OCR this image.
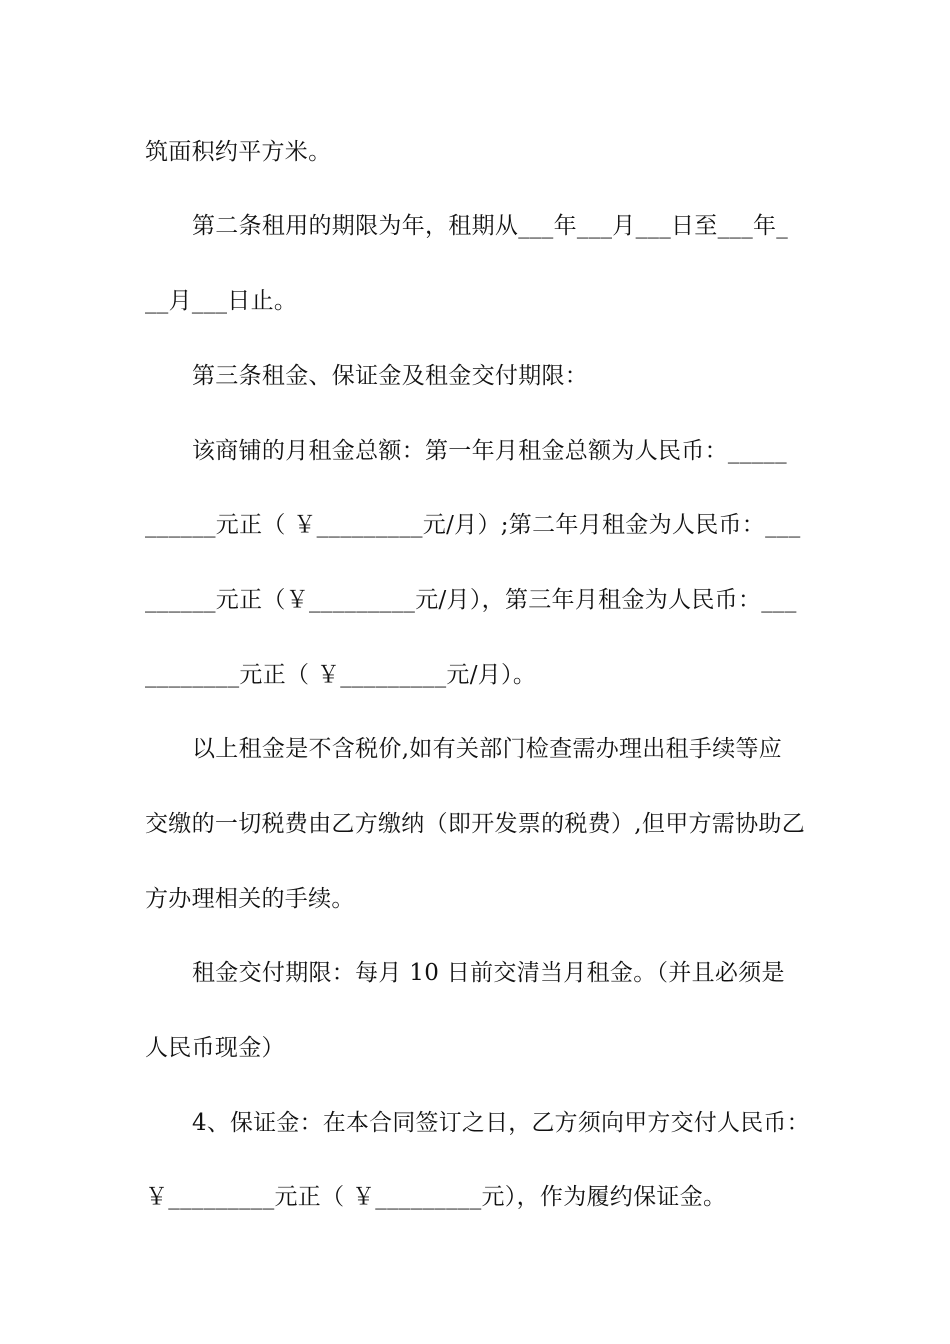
筑面积约平方米。

第二条租用的期限为年，租期从___年___月___日至___年_

__月___日止。

第三条租金、保证金及租金交付期限：

该商铺的月租金总额：第一年月租金总额为人民币：_____

______元正（ ￥_________元/月）;第二年月租金为人民币：___

______元正（￥_________元/月），第三年月租金为人民币：___

________元正（ ￥_________元/月）。

以上租金是不含税价,如有关部门检查需办理出租手续等应

交缴的一切税费由乙方缴纳（即开发票的税费）,但甲方需协助乙

方办理相关的手续。

租金交付期限：每月 10 日前交清当月租金。（并且必须是

人民币现金）

4、保证金：在本合同签订之日，乙方须向甲方交付人民币：

￥_________元正（ ￥_________元），作为履约保证金。
